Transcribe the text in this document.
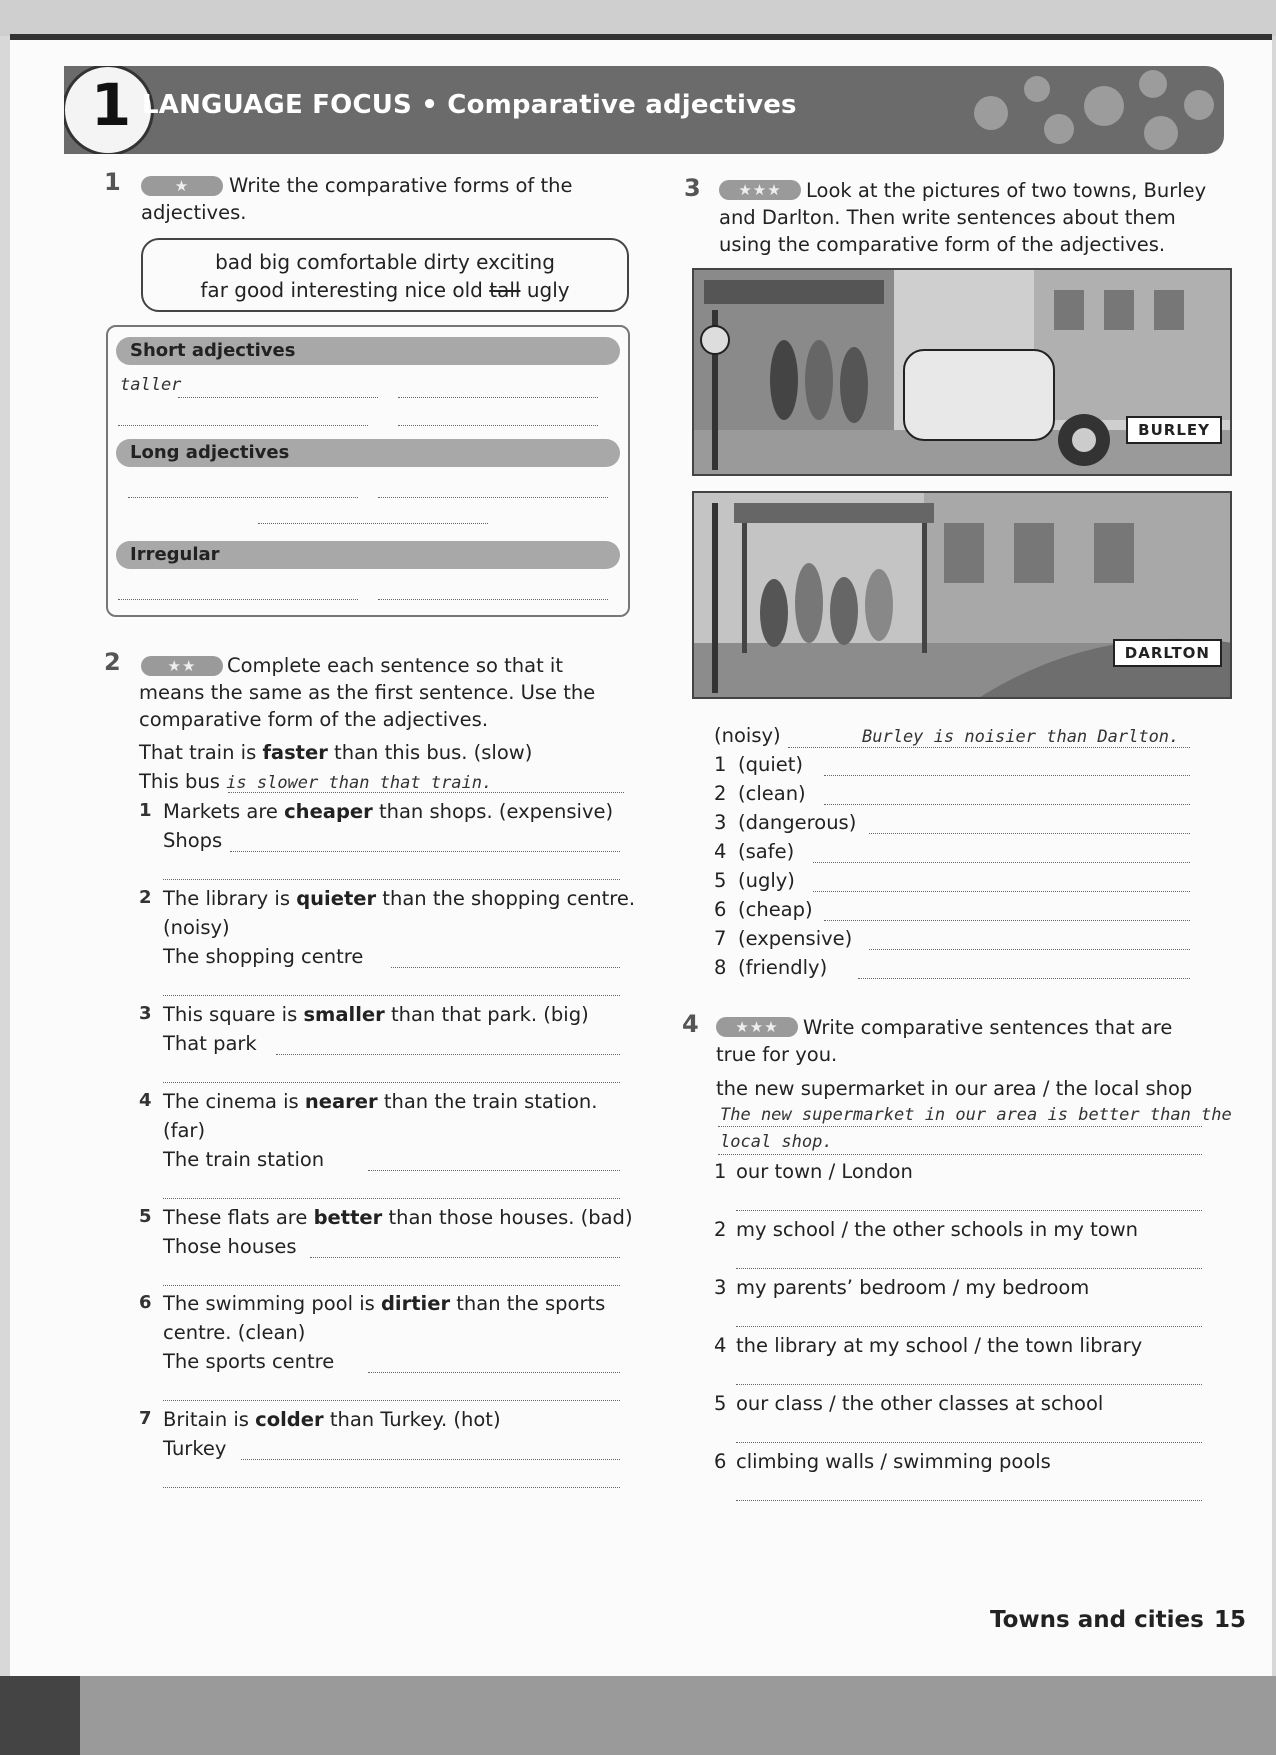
1 LANGUAGE FOCUS • Comparative adjectives
1	★	Write the comparative forms of the
adjectives.
bad big comfortable dirty exciting
far good interesting nice old tall ugly
Short adjectives
taller
Long adjectives
Irregular
2	★★	Complete each sentence so that it
means the same as the first sentence. Use the
comparative form of the adjectives.
That train is faster than this bus. (slow)
This bus is slower than that train.
1 Markets are cheaper than shops. (expensive)
Shops
2 The library is quieter than the shopping centre.
(noisy)
The shopping centre
3 This square is smaller than that park. (big)
That park
4 The cinema is nearer than the train station.
(far)
The train station
5 These flats are better than those houses. (bad)
Those houses
6 The swimming pool is dirtier than the sports
centre. (clean)
The sports centre
7 Britain is colder than Turkey. (hot)
Turkey
3	★★★	Look at the pictures of two towns, Burley
and Darlton. Then write sentences about them
using the comparative form of the adjectives.
BURLEY
DARLTON
(noisy)	Burley is noisier than Darlton.
1 (quiet)
2 (clean)
3 (dangerous)
4 (safe)
5 (ugly)
6 (cheap)
7 (expensive)
8 (friendly)
4	★★★	Write comparative sentences that are
true for you.
the new supermarket in our area / the local shop
The new supermarket in our area is better than the
local shop.
1 our town / London
2 my school / the other schools in my town
3 my parents’ bedroom / my bedroom
4 the library at my school / the town library
5 our class / the other classes at school
6 climbing walls / swimming pools
Towns and cities 15
